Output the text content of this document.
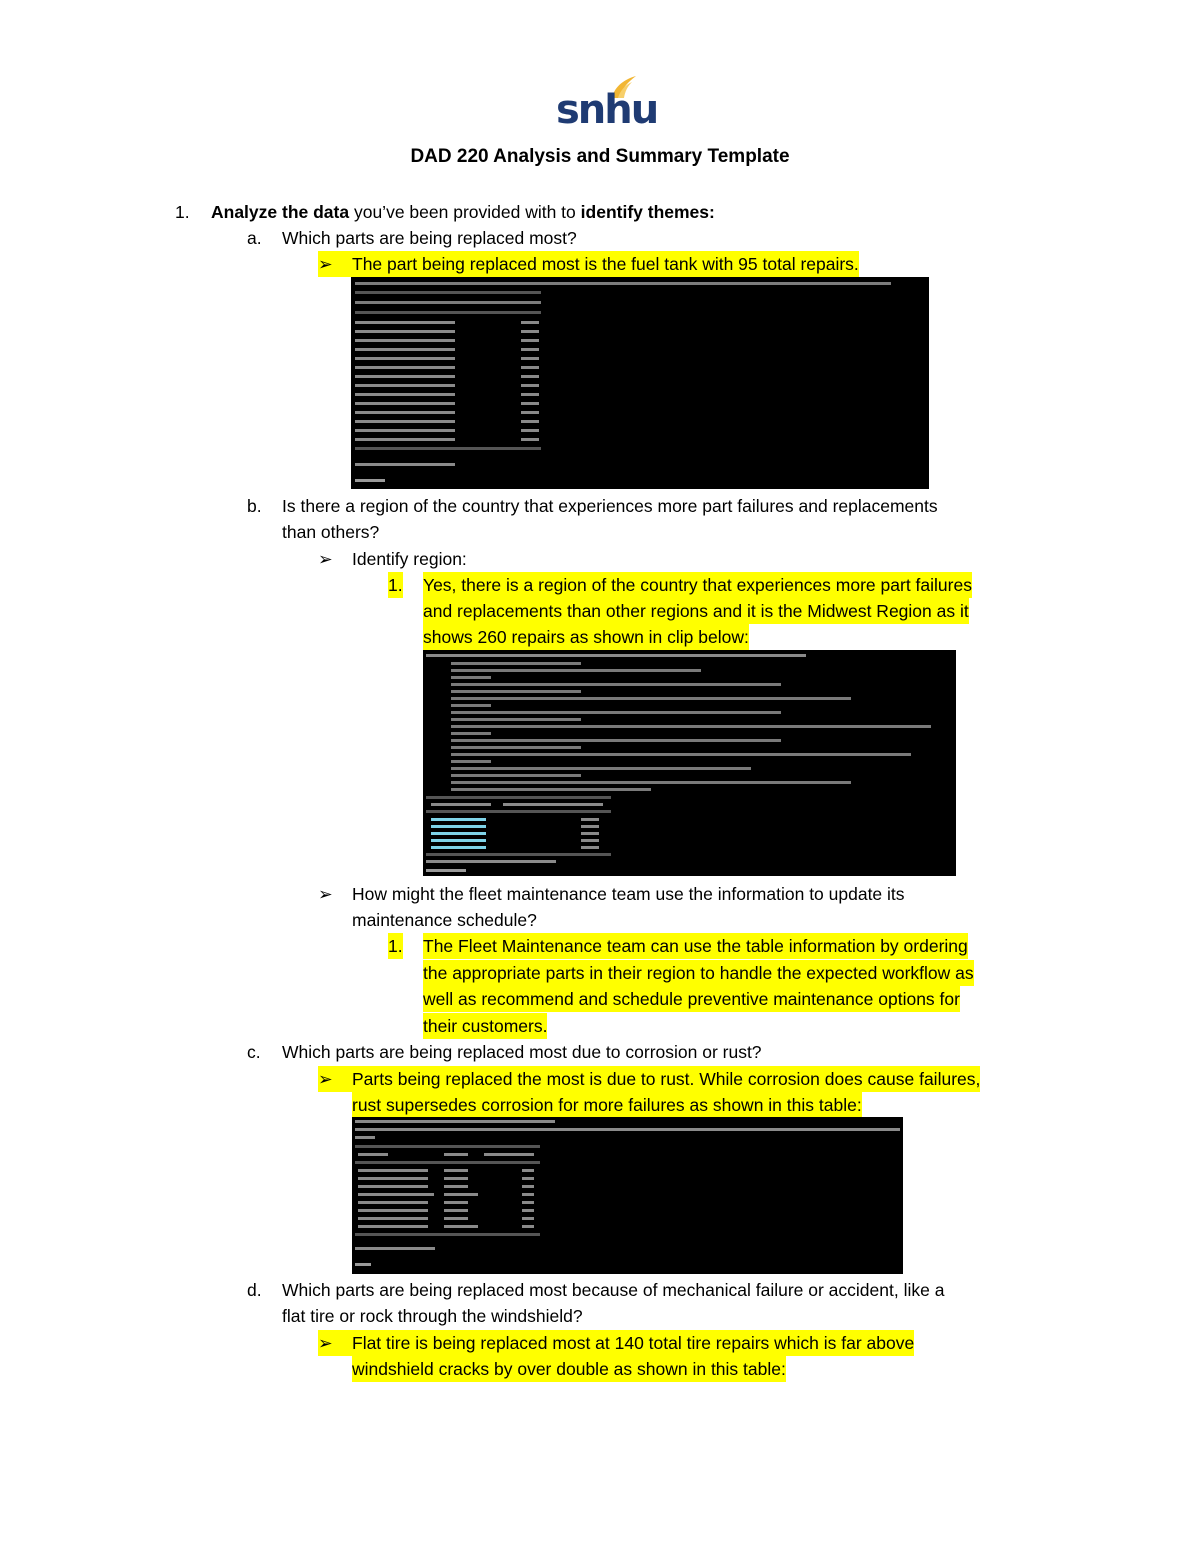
snhu
DAD 220 Analysis and Summary Template
1. Analyze the data you’ve been provided with to identify themes:
a. Which parts are being replaced most?
➢ The part being replaced most is the fuel tank with 95 total repairs.
b. Is there a region of the country that experiences more part failures and replacements
than others?
➢ Identify region:
1. Yes, there is a region of the country that experiences more part failures
and replacements than other regions and it is the Midwest Region as it
shows 260 repairs as shown in clip below:
➢ How might the fleet maintenance team use the information to update its
maintenance schedule?
1. The Fleet Maintenance team can use the table information by ordering
the appropriate parts in their region to handle the expected workflow as
well as recommend and schedule preventive maintenance options for
their customers.
c. Which parts are being replaced most due to corrosion or rust?
➢ Parts being replaced the most is due to rust. While corrosion does cause failures,
rust supersedes corrosion for more failures as shown in this table:
d. Which parts are being replaced most because of mechanical failure or accident, like a
flat tire or rock through the windshield?
➢ Flat tire is being replaced most at 140 total tire repairs which is far above
windshield cracks by over double as shown in this table:
